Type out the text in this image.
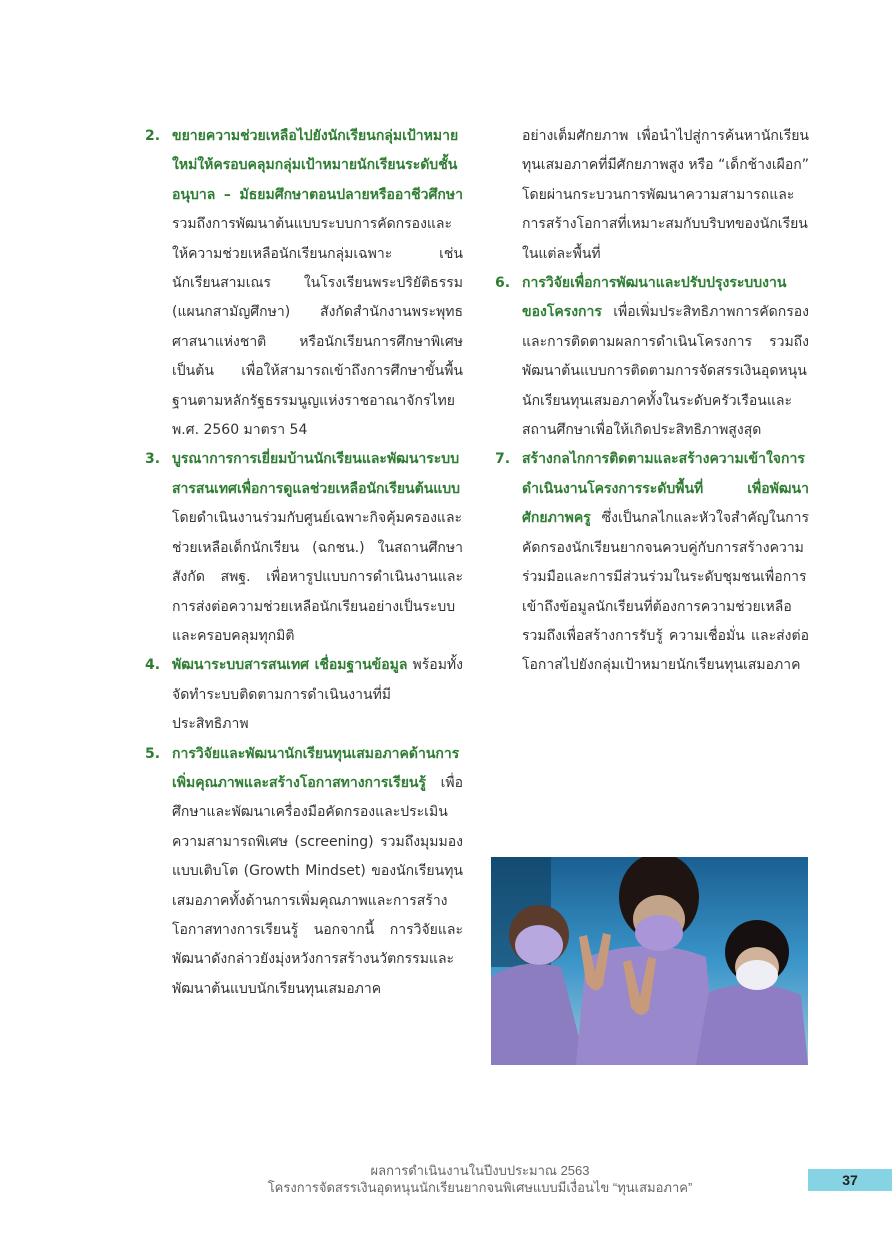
2. ขยายความช่วยเหลือไปยังนักเรียนกลุ่มเป้าหมายใหม่ให้ครอบคลุมกลุ่มเป้าหมายนักเรียนระดับชั้นอนุบาล – มัธยมศึกษาตอนปลายหรืออาชีวศึกษา รวมถึงการพัฒนาต้นแบบระบบการคัดกรองและให้ความช่วยเหลือนักเรียนกลุ่มเฉพาะ เช่น นักเรียนสามเณร ในโรงเรียนพระปริยัติธรรม (แผนกสามัญศึกษา) สังกัดสำนักงานพระพุทธศาสนาแห่งชาติ หรือนักเรียนการศึกษาพิเศษ เป็นต้น เพื่อให้สามารถเข้าถึงการศึกษาขั้นพื้นฐานตามหลักรัฐธรรมนูญแห่งราชอาณาจักรไทย พ.ศ. 2560 มาตรา 54
3. บูรณาการการเยี่ยมบ้านนักเรียนและพัฒนาระบบสารสนเทศเพื่อการดูแลช่วยเหลือนักเรียนต้นแบบ โดยดำเนินงานร่วมกับศูนย์เฉพาะกิจคุ้มครองและช่วยเหลือเด็กนักเรียน (ฉกชน.) ในสถานศึกษาสังกัด สพฐ. เพื่อหารูปแบบการดำเนินงานและการส่งต่อความช่วยเหลือนักเรียนอย่างเป็นระบบและครอบคลุมทุกมิติ
4. พัฒนาระบบสารสนเทศ เชื่อมฐานข้อมูล พร้อมทั้งจัดทำระบบติดตามการดำเนินงานที่มีประสิทธิภาพ
5. การวิจัยและพัฒนานักเรียนทุนเสมอภาคด้านการเพิ่มคุณภาพและสร้างโอกาสทางการเรียนรู้ เพื่อศึกษาและพัฒนาเครื่องมือคัดกรองและประเมินความสามารถพิเศษ (screening) รวมถึงมุมมองแบบเติบโต (Growth Mindset) ของนักเรียนทุนเสมอภาคทั้งด้านการเพิ่มคุณภาพและการสร้างโอกาสทางการเรียนรู้ นอกจากนี้ การวิจัยและพัฒนาดังกล่าวยังมุ่งหวังการสร้างนวัตกรรมและพัฒนาต้นแบบนักเรียนทุนเสมอภาค
อย่างเต็มศักยภาพ เพื่อนำไปสู่การค้นหานักเรียนทุนเสมอภาคที่มีศักยภาพสูง หรือ “เด็กช้างเผือก” โดยผ่านกระบวนการพัฒนาความสามารถและการสร้างโอกาสที่เหมาะสมกับบริบทของนักเรียนในแต่ละพื้นที่
6. การวิจัยเพื่อการพัฒนาและปรับปรุงระบบงานของโครงการ เพื่อเพิ่มประสิทธิภาพการคัดกรองและการติดตามผลการดำเนินโครงการ รวมถึงพัฒนาต้นแบบการติดตามการจัดสรรเงินอุดหนุนนักเรียนทุนเสมอภาคทั้งในระดับครัวเรือนและสถานศึกษาเพื่อให้เกิดประสิทธิภาพสูงสุด
7. สร้างกลไกการติดตามและสร้างความเข้าใจการดำเนินงานโครงการระดับพื้นที่ เพื่อพัฒนาศักยภาพครู ซึ่งเป็นกลไกและหัวใจสำคัญในการคัดกรองนักเรียนยากจนควบคู่กับการสร้างความร่วมมือและการมีส่วนร่วมในระดับชุมชนเพื่อการเข้าถึงข้อมูลนักเรียนที่ต้องการความช่วยเหลือ รวมถึงเพื่อสร้างการรับรู้ ความเชื่อมั่น และส่งต่อโอกาสไปยังกลุ่มเป้าหมายนักเรียนทุนเสมอภาค
ผลการดำเนินงานในปีงบประมาณ 2563
โครงการจัดสรรเงินอุดหนุนนักเรียนยากจนพิเศษแบบมีเงื่อนไข “ทุนเสมอภาค”	37
